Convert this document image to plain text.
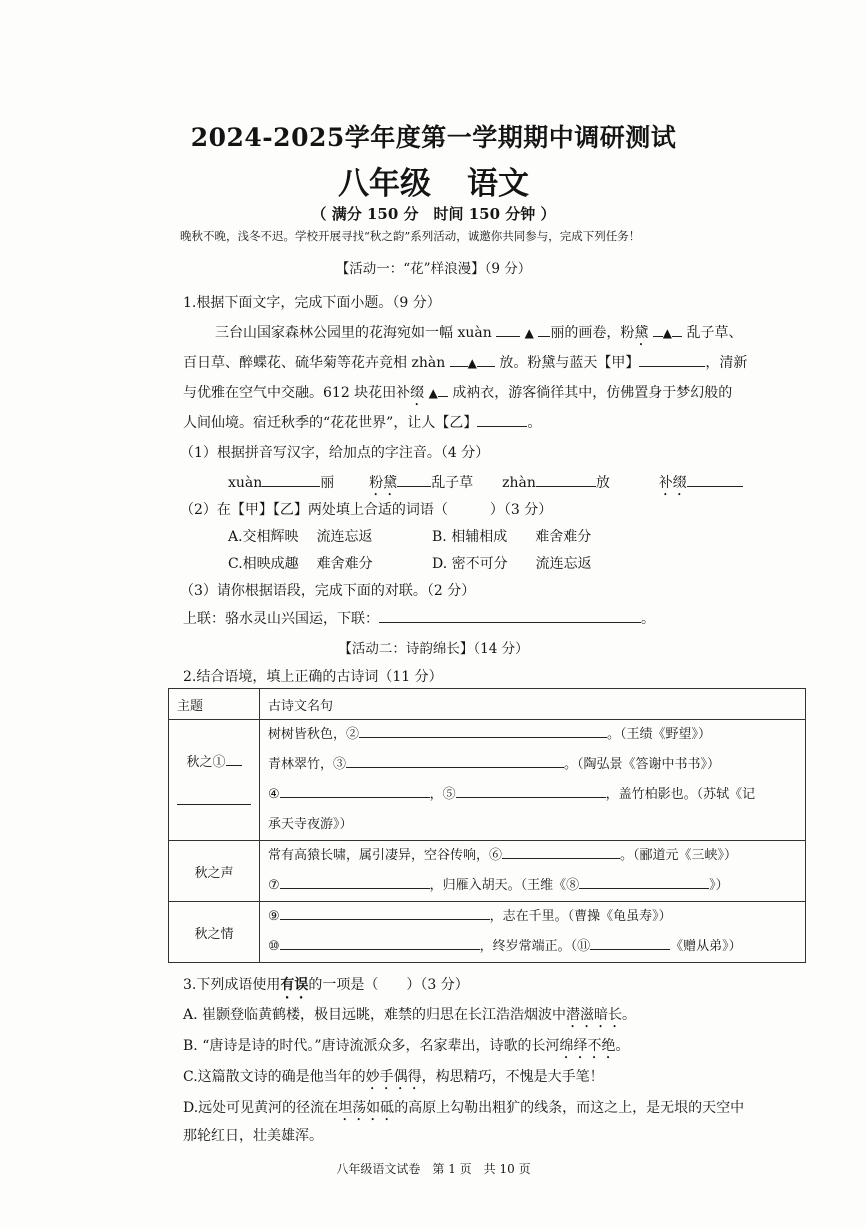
2024-2025学年度第一学期期中调研测试
八年级 语文
（ 满分 150 分　时间 150 分钟 ）
晚秋不晚，浅冬不迟。学校开展寻找“秋之韵”系列活动，诚邀你共同参与，完成下列任务！
【活动一：“花”样浪漫】（9 分）
1.根据下面文字，完成下面小题。（9 分）
三台山国家森林公园里的花海宛如一幅 xuàn	▲ 丽的画卷，粉黛 ▲ 乱子草、
百日草、醉蝶花、硫华菊等花卉竞相 zhàn ▲ 放。粉黛与蓝天【甲】	，清新
与优雅在空气中交融。612 块花田补缀 ▲ 成衲衣，游客徜徉其中，仿佛置身于梦幻般的
人间仙境。宿迁秋季的“花花世界”，让人【乙】	。
（1）根据拼音写汉字，给加点的字注音。（4 分）
xuàn	丽 粉黛 乱子草 zhàn	放	补缀
（2）在【甲】【乙】两处填上合适的词语（　　　）（3 分）
A.交相辉映 流连忘返	B. 相辅相成 难舍难分
C.相映成趣 难舍难分	D. 密不可分 流连忘返
（3）请你根据语段，完成下面的对联。（2 分）
上联：骆水灵山兴国运，下联：	。
【活动二：诗韵绵长】（14 分）
2.结合语境，填上正确的古诗词（11 分）
主题	古诗文名句

秋之①	树树皆秋色，② 。（王绩《野望》）
青林翠竹，③ 。（陶弘景《答谢中书书》）
④ ，⑤ ，盖竹柏影也。（苏轼《记
承天寺夜游》）

秋之声	常有高猿长啸，属引凄异，空谷传响，⑥ 。（郦道元《三峡》）
⑦ ，归雁入胡天。（王维《⑧ 》）

秋之情	⑨ ，志在千里。（曹操《龟虽寿》）
⑩ ，终岁常端正。（⑪ 《赠从弟》）
3.下列成语使用有误的一项是（　　）（3 分）
A. 崔颢登临黄鹤楼，极目远眺，难禁的归思在长江浩浩烟波中潜滋暗长。
B. “唐诗是诗的时代。”唐诗流派众多，名家辈出，诗歌的长河绵绎不绝。
C.这篇散文诗的确是他当年的妙手偶得，构思精巧，不愧是大手笔！
D.远处可见黄河的径流在坦荡如砥的高原上勾勒出粗犷的线条，而这之上，是无垠的天空中
那轮红日，壮美雄浑。
八年级语文试卷　第 1 页　共 10 页
